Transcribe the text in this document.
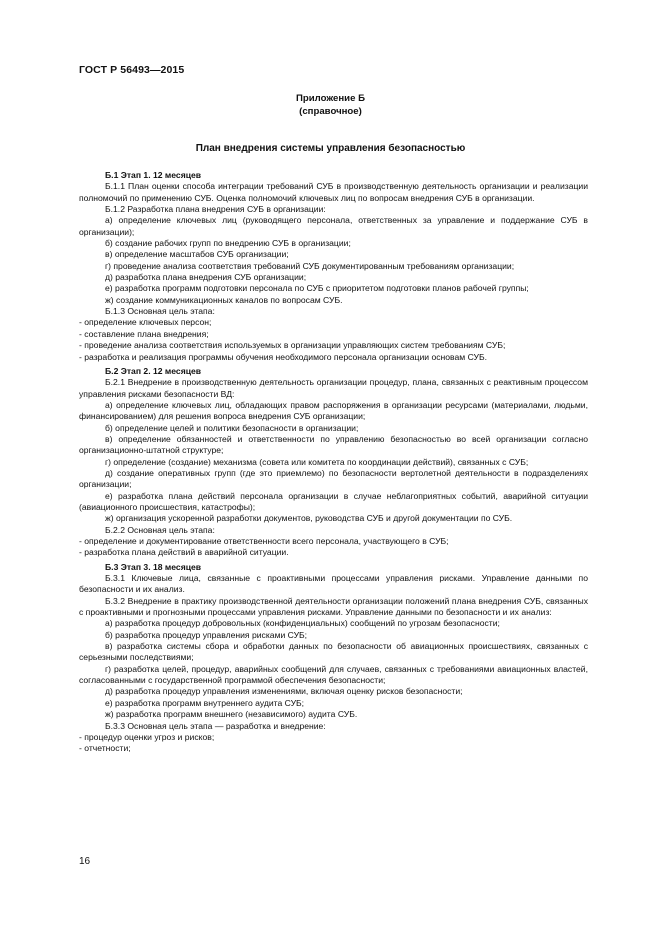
ГОСТ Р 56493—2015
Приложение Б
(справочное)
План внедрения системы управления безопасностью

Б.1 Этап 1. 12 месяцев

Б.1.1 План оценки способа интеграции требований СУБ в производственную деятельность организации и реализации полномочий по применению СУБ. Оценка полномочий ключевых лиц по вопросам внедрения СУБ в организации.

Б.1.2 Разработка плана внедрения СУБ в организации:

а) определение ключевых лиц (руководящего персонала, ответственных за управление и поддержание СУБ в организации);

б) создание рабочих групп по внедрению СУБ в организации;

в) определение масштабов СУБ организации;

г) проведение анализа соответствия требований СУБ документированным требованиям организации;

д) разработка плана внедрения СУБ организации;

е) разработка программ подготовки персонала по СУБ с приоритетом подготовки планов рабочей группы;

ж) создание коммуникационных каналов по вопросам СУБ.

Б.1.3 Основная цель этапа:

- определение ключевых персон;

- составление плана внедрения;

- проведение анализа соответствия используемых в организации управляющих систем требованиям СУБ;

- разработка и реализация программы обучения необходимого персонала организации основам СУБ.

Б.2 Этап 2. 12 месяцев

Б.2.1 Внедрение в производственную деятельность организации процедур, плана, связанных с реактивным процессом управления рисками безопасности ВД:

а) определение ключевых лиц, обладающих правом распоряжения в организации ресурсами (материалами, людьми, финансированием) для решения вопроса внедрения СУБ организации;

б) определение целей и политики безопасности в организации;

в) определение обязанностей и ответственности по управлению безопасностью во всей организации согласно организационно-штатной структуре;

г) определение (создание) механизма (совета или комитета по координации действий), связанных с СУБ;

д) создание оперативных групп (где это приемлемо) по безопасности вертолетной деятельности в подразделениях организации;

е) разработка плана действий персонала организации в случае неблагоприятных событий, аварийной ситуации (авиационного происшествия, катастрофы);

ж) организация ускоренной разработки документов, руководства СУБ и другой документации по СУБ.

Б.2.2 Основная цель этапа:

- определение и документирование ответственности всего персонала, участвующего в СУБ;

- разработка плана действий в аварийной ситуации.

Б.3 Этап 3. 18 месяцев

Б.3.1 Ключевые лица, связанные с проактивными процессами управления рисками. Управление данными по безопасности и их анализ.

Б.3.2 Внедрение в практику производственной деятельности организации положений плана внедрения СУБ, связанных с проактивными и прогнозными процессами управления рисками. Управление данными по безопасности и их анализ:

а) разработка процедур добровольных (конфиденциальных) сообщений по угрозам безопасности;

б) разработка процедур управления рисками СУБ;

в) разработка системы сбора и обработки данных по безопасности об авиационных происшествиях, связанных с серьезными последствиями;

г) разработка целей, процедур, аварийных сообщений для случаев, связанных с требованиями авиационных властей, согласованными с государственной программой обеспечения безопасности;

д) разработка процедур управления изменениями, включая оценку рисков безопасности;

е) разработка программ внутреннего аудита СУБ;

ж) разработка программ внешнего (независимого) аудита СУБ.

Б.3.3 Основная цель этапа — разработка и внедрение:

- процедур оценки угроз и рисков;

- отчетности;

16
